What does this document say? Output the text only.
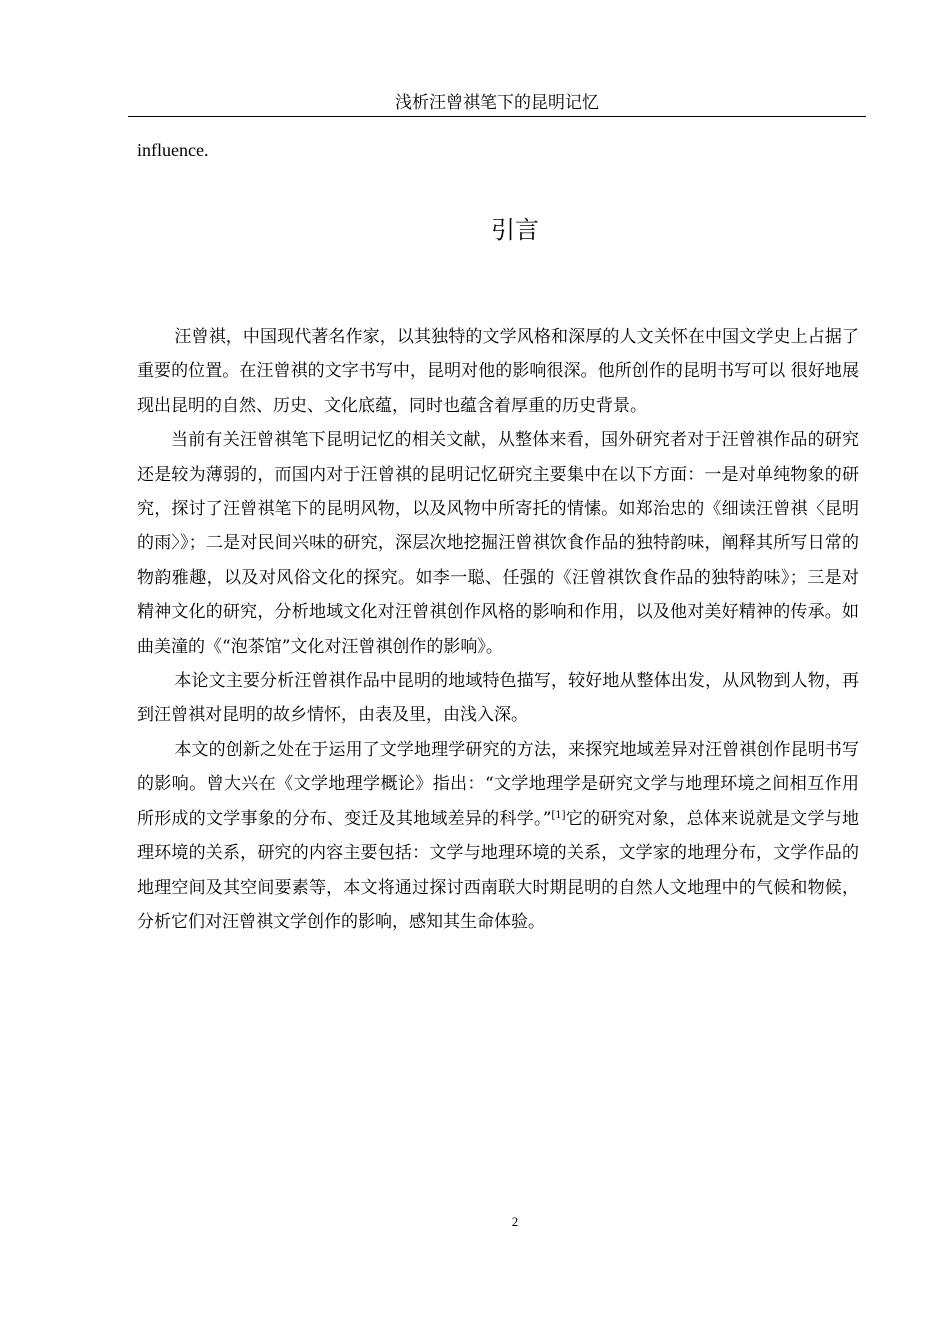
浅析汪曾祺笔下的昆明记忆
influence.
引言

汪曾祺，中国现代著名作家，以其独特的文学风格和深厚的人文关怀在中国文学史上占据了重要的位置。在汪曾祺的文字书写中，昆明对他的影响很深。他所创作的昆明书写可以 很好地展现出昆明的自然、历史、文化底蕴，同时也蕴含着厚重的历史背景。

当前有关汪曾祺笔下昆明记忆的相关文献，从整体来看，国外研究者对于汪曾祺作品的研究还是较为薄弱的，而国内对于汪曾祺的昆明记忆研究主要集中在以下方面：一是对单纯物象的研究，探讨了汪曾祺笔下的昆明风物，以及风物中所寄托的情愫。如郑治忠的《细读汪曾祺〈昆明的雨〉》；二是对民间兴味的研究，深层次地挖掘汪曾祺饮食作品的独特韵味，阐释其所写日常的物韵雅趣，以及对风俗文化的探究。如李一聪、任强的《汪曾祺饮食作品的独特韵味》；三是对精神文化的研究，分析地域文化对汪曾祺创作风格的影响和作用，以及他对美好精神的传承。如曲美潼的《“泡茶馆”文化对汪曾祺创作的影响》。

本论文主要分析汪曾祺作品中昆明的地域特色描写，较好地从整体出发，从风物到人物，再到汪曾祺对昆明的故乡情怀，由表及里，由浅入深。

本文的创新之处在于运用了文学地理学研究的方法，来探究地域差异对汪曾祺创作昆明书写的影响。曾大兴在《文学地理学概论》指出：“文学地理学是研究文学与地理环境之间相互作用所形成的文学事象的分布、变迁及其地域差异的科学。”[1]它的研究对象，总体来说就是文学与地理环境的关系，研究的内容主要包括：文学与地理环境的关系，文学家的地理分布，文学作品的地理空间及其空间要素等，本文将通过探讨西南联大时期昆明的自然人文地理中的气候和物候，分析它们对汪曾祺文学创作的影响，感知其生命体验。

2
